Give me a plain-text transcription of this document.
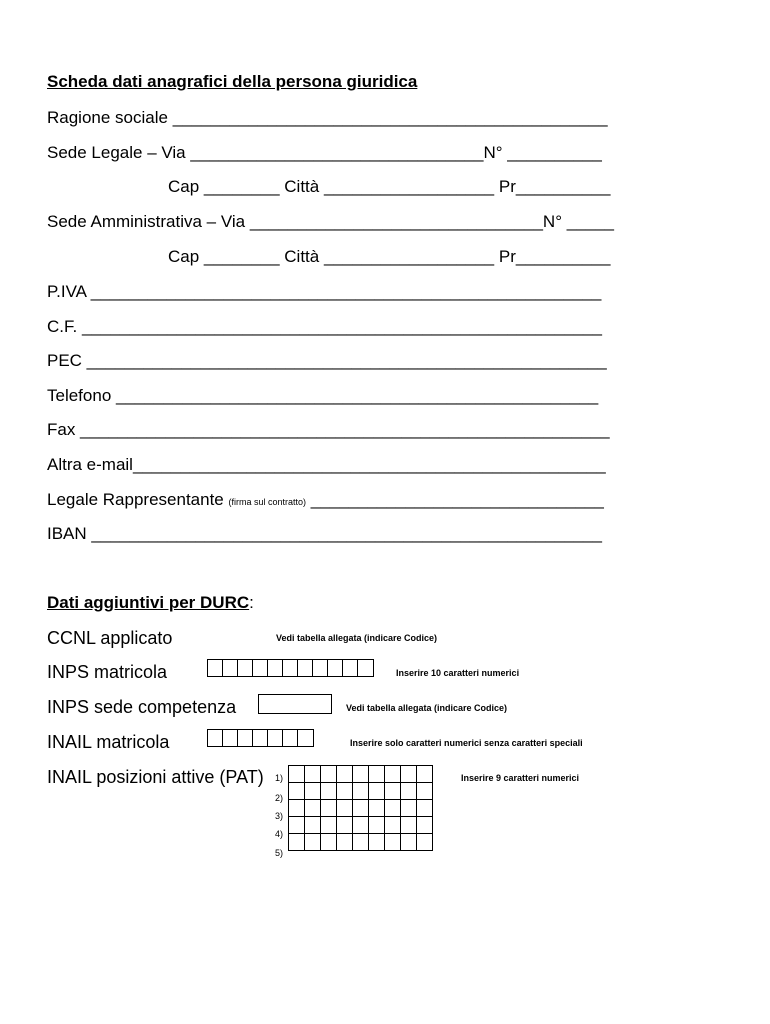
Scheda dati anagrafici della persona giuridica
Ragione sociale ______________________________________________
Sede Legale – Via _______________________________N° __________
Cap ________ Città __________________ Pr__________
Sede Amministrativa – Via _______________________________N° _____
Cap ________ Città __________________ Pr__________
P.IVA ______________________________________________________
C.F. _______________________________________________________
PEC _______________________________________________________
Telefono ___________________________________________________
Fax ________________________________________________________
Altra e-mail__________________________________________________
Legale Rappresentante (firma sul contratto) _______________________________
IBAN ______________________________________________________
Dati aggiuntivi per DURC:
CCNL applicato	Vedi tabella allegata (indicare Codice)
INPS matricola	Inserire 10 caratteri numerici
INPS sede competenza	Vedi tabella allegata (indicare Codice)
INAIL matricola	Inserire solo caratteri numerici senza caratteri speciali
INAIL posizioni attive (PAT)	Inserire 9 caratteri numerici
1)
2)
3)
4)
5)
